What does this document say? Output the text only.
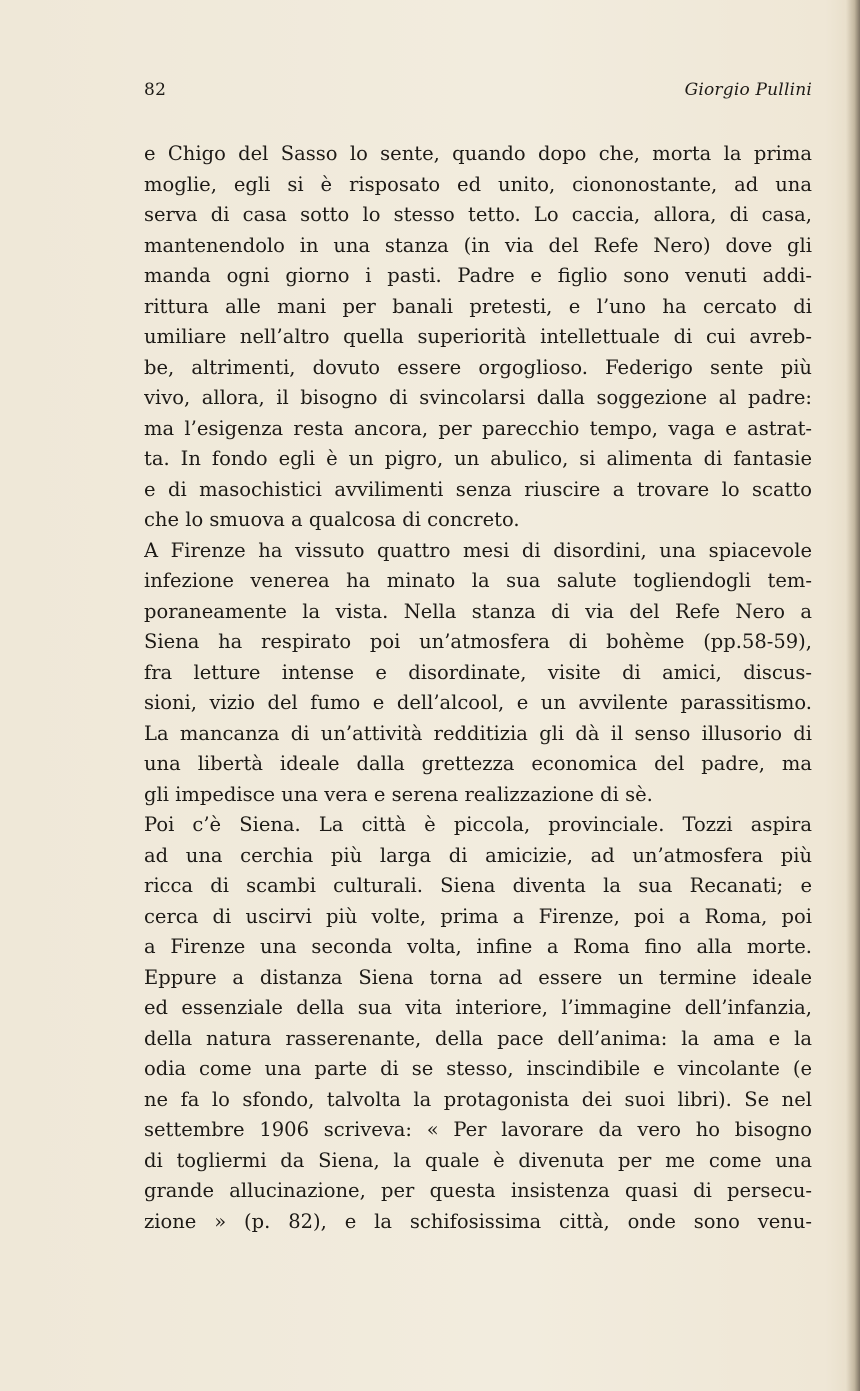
82	Giorgio Pullini
e Chigo del Sasso lo sente, quando dopo che, morta la prima
moglie, egli si è risposato ed unito, ciononostante, ad una
serva di casa sotto lo stesso tetto. Lo caccia, allora, di casa,
mantenendolo in una stanza (in via del Refe Nero) dove gli
manda ogni giorno i pasti. Padre e figlio sono venuti addi-
rittura alle mani per banali pretesti, e l’uno ha cercato di
umiliare nell’altro quella superiorità intellettuale di cui avreb-
be, altrimenti, dovuto essere orgoglioso. Federigo sente più
vivo, allora, il bisogno di svincolarsi dalla soggezione al padre:
ma l’esigenza resta ancora, per parecchio tempo, vaga e astrat-
ta. In fondo egli è un pigro, un abulico, si alimenta di fantasie
e di masochistici avvilimenti senza riuscire a trovare lo scatto
che lo smuova a qualcosa di concreto.
A Firenze ha vissuto quattro mesi di disordini, una spiacevole
infezione venerea ha minato la sua salute togliendogli tem-
poraneamente la vista. Nella stanza di via del Refe Nero a
Siena ha respirato poi un’atmosfera di bohème (pp.58-59),
fra letture intense e disordinate, visite di amici, discus-
sioni, vizio del fumo e dell’alcool, e un avvilente parassitismo.
La mancanza di un’attività redditizia gli dà il senso illusorio di
una libertà ideale dalla grettezza economica del padre, ma
gli impedisce una vera e serena realizzazione di sè.
Poi c’è Siena. La città è piccola, provinciale. Tozzi aspira
ad una cerchia più larga di amicizie, ad un’atmosfera più
ricca di scambi culturali. Siena diventa la sua Recanati; e
cerca di uscirvi più volte, prima a Firenze, poi a Roma, poi
a Firenze una seconda volta, infine a Roma fino alla morte.
Eppure a distanza Siena torna ad essere un termine ideale
ed essenziale della sua vita interiore, l’immagine dell’infanzia,
della natura rasserenante, della pace dell’anima: la ama e la
odia come una parte di se stesso, inscindibile e vincolante (e
ne fa lo sfondo, talvolta la protagonista dei suoi libri). Se nel
settembre 1906 scriveva: « Per lavorare da vero ho bisogno
di togliermi da Siena, la quale è divenuta per me come una
grande allucinazione, per questa insistenza quasi di persecu-
zione » (p. 82), e la schifosissima città, onde sono venu-
